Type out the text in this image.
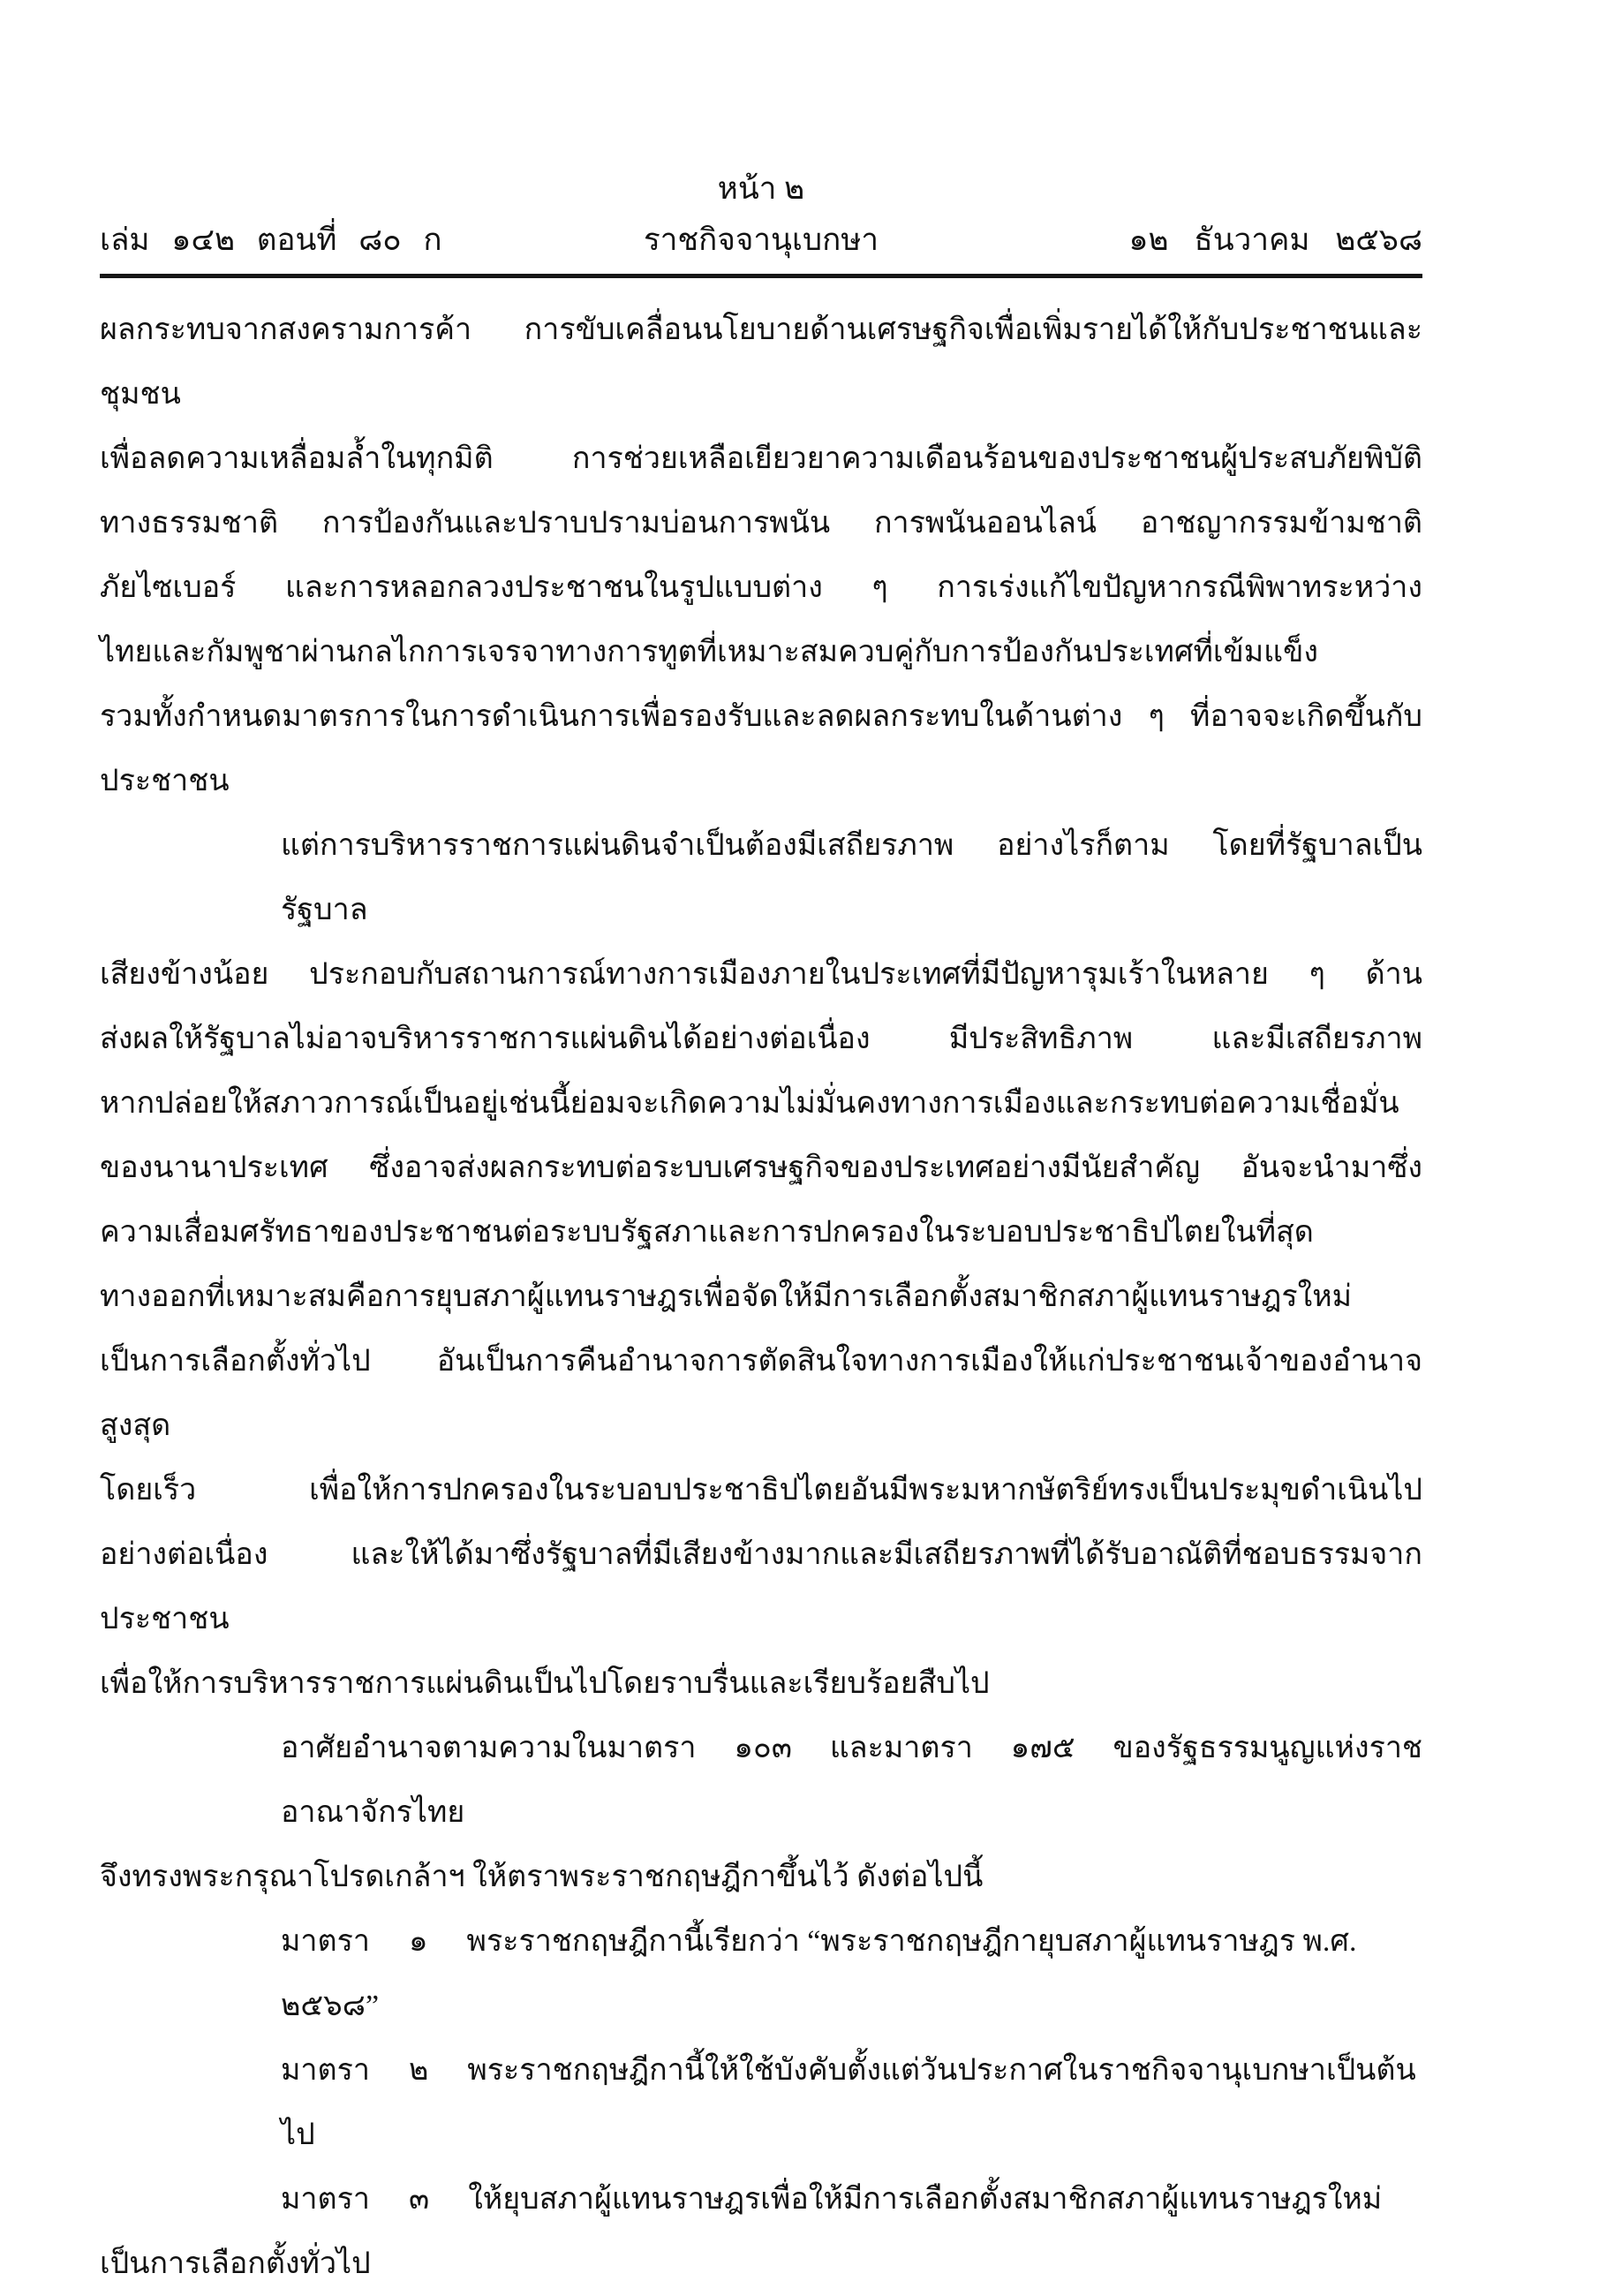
หน้า ๒
เล่ม ๑๔๒ ตอนที่ ๘๐ ก	ราชกิจจานุเบกษา	๑๒ ธันวาคม ๒๕๖๘
ผลกระทบจากสงครามการค้า การขับเคลื่อนนโยบายด้านเศรษฐกิจเพื่อเพิ่มรายได้ให้กับประชาชนและชุมชน
เพื่อลดความเหลื่อมล้ำในทุกมิติ การช่วยเหลือเยียวยาความเดือนร้อนของประชาชนผู้ประสบภัยพิบัติ
ทางธรรมชาติ การป้องกันและปราบปรามบ่อนการพนัน การพนันออนไลน์ อาชญากรรมข้ามชาติ
ภัยไซเบอร์ และการหลอกลวงประชาชนในรูปแบบต่าง ๆ การเร่งแก้ไขปัญหากรณีพิพาทระหว่าง
ไทยและกัมพูชาผ่านกลไกการเจรจาทางการทูตที่เหมาะสมควบคู่กับการป้องกันประเทศที่เข้มแข็ง
รวมทั้งกำหนดมาตรการในการดำเนินการเพื่อรองรับและลดผลกระทบในด้านต่าง ๆ ที่อาจจะเกิดขึ้นกับ
ประชาชน
แต่การบริหารราชการแผ่นดินจำเป็นต้องมีเสถียรภาพ อย่างไรก็ตาม โดยที่รัฐบาลเป็นรัฐบาล
เสียงข้างน้อย ประกอบกับสถานการณ์ทางการเมืองภายในประเทศที่มีปัญหารุมเร้าในหลาย ๆ ด้าน
ส่งผลให้รัฐบาลไม่อาจบริหารราชการแผ่นดินได้อย่างต่อเนื่อง มีประสิทธิภาพ และมีเสถียรภาพ
หากปล่อยให้สภาวการณ์เป็นอยู่เช่นนี้ย่อมจะเกิดความไม่มั่นคงทางการเมืองและกระทบต่อความเชื่อมั่น
ของนานาประเทศ ซึ่งอาจส่งผลกระทบต่อระบบเศรษฐกิจของประเทศอย่างมีนัยสำคัญ อันจะนำมาซึ่ง
ความเสื่อมศรัทธาของประชาชนต่อระบบรัฐสภาและการปกครองในระบอบประชาธิปไตยในที่สุด
ทางออกที่เหมาะสมคือการยุบสภาผู้แทนราษฎรเพื่อจัดให้มีการเลือกตั้งสมาชิกสภาผู้แทนราษฎรใหม่
เป็นการเลือกตั้งทั่วไป อันเป็นการคืนอำนาจการตัดสินใจทางการเมืองให้แก่ประชาชนเจ้าของอำนาจสูงสุด
โดยเร็ว เพื่อให้การปกครองในระบอบประชาธิปไตยอันมีพระมหากษัตริย์ทรงเป็นประมุขดำเนินไป
อย่างต่อเนื่อง และให้ได้มาซึ่งรัฐบาลที่มีเสียงข้างมากและมีเสถียรภาพที่ได้รับอาณัติที่ชอบธรรมจากประชาชน
เพื่อให้การบริหารราชการแผ่นดินเป็นไปโดยราบรื่นและเรียบร้อยสืบไป
อาศัยอำนาจตามความในมาตรา ๑๐๓ และมาตรา ๑๗๕ ของรัฐธรรมนูญแห่งราชอาณาจักรไทย
จึงทรงพระกรุณาโปรดเกล้าฯ ให้ตราพระราชกฤษฎีกาขึ้นไว้ ดังต่อไปนี้
มาตรา ๑ พระราชกฤษฎีกานี้เรียกว่า “พระราชกฤษฎีกายุบสภาผู้แทนราษฎร พ.ศ. ๒๕๖๘”
มาตรา ๒ พระราชกฤษฎีกานี้ให้ใช้บังคับตั้งแต่วันประกาศในราชกิจจานุเบกษาเป็นต้นไป
มาตรา ๓ ให้ยุบสภาผู้แทนราษฎรเพื่อให้มีการเลือกตั้งสมาชิกสภาผู้แทนราษฎรใหม่
เป็นการเลือกตั้งทั่วไป
